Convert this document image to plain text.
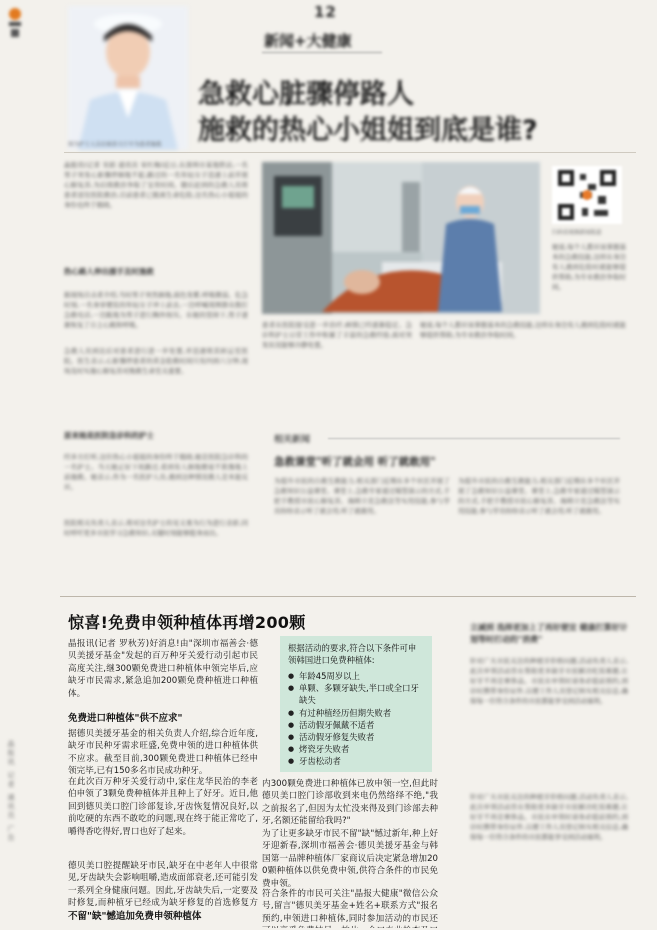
12
新闻+大健康
图为护士人员在候诊大厅中为患者施救
急救心脏骤停路人
施救的热心小姐姐到底是谁?
晶报讯(记者 吴娟 通讯员 宋红梅)近日,在深圳市某地铁站,一名男子突发心脏骤停倒地不起,路过的一名年轻女子迅速上前开展心肺复苏,为后续救治争取了宝贵时间。随后赶到的急救人员将患者送往医院救治,目前患者已脱离生命危险,这名热心小姐姐的身份也终于揭晓。
热心路人伸出援手及时施救
据现场目击者介绍,当时男子突然倒地,面色发紫,呼吸微弱。危急时刻,一名身穿便装的年轻女子冲上前去,一边呼喊周围群众拨打急救电话,一边跪地为男子进行胸外按压。在她的坚持下,男子逐渐恢复了自主心跳和呼吸。
急救人员到达后对患者进行进一步处置,并迅速将其转运至医院。医生表示,心脏骤停患者的黄金抢救时间只有四到六分钟,现场及时实施心肺复苏对挽救生命至关重要。
原来她是医院急诊科的护士
经多方打听,这位热心小姐姐的身份终于揭晓,她是医院急诊科的一名护士。当天她正好下班路过,看到有人倒地便毫不犹豫地上前施救。她表示,作为一名医护人员,遇到这种情况救人是本能反应。
医院相关负责人表示,将对这名护士的见义勇为行为进行表彰,同时呼吁更多市民学习急救知识,关键时刻能够挺身而出。
扫码看视频新闻报道
她说,每个人都应该掌握基本的急救技能,这样在身边有人遇到危险时就能够提供帮助,为专业救治争取时间。
患者在医院接受进一步治疗,病情已经逐渐稳定。急诊科护士日常工作中积累了丰富的急救经验,面对突发状况能够冷静处置。
她说,每个人都应该掌握基本的急救技能,这样在身边有人遇到危险时就能够提供帮助,为专业救治争取时间。
相关新闻
急救课堂"听了就会用 听了就敢用"
为提升市民的自救互救能力,相关部门近期在多个社区开展了急救知识公益课堂。课堂上,急救专家通过模型演示的方式,手把手教授市民心肺复苏、海姆立克急救法等实用技能,参与学员纷纷表示听了就会用,听了就敢用。
为提升市民的自救互救能力,相关部门近期在多个社区开展了急救知识公益课堂。课堂上,急救专家通过模型演示的方式,手把手教授市民心肺复苏、海姆立克急救法等实用技能,参与学员纷纷表示听了就会用,听了就敢用。
晶报讯 记者 通讯员 广告
惊喜!免费申领种植体再增200颗

晶报讯(记者 罗秋芳)好消息!由"深圳市福善会·德贝美援牙基金"发起的百万种牙关爱行动引起市民高度关注,继300颗免费进口种植体申领完毕后,应缺牙市民需求,紧急追加200颗免费种植进口种植体。

免费进口种植体"供不应求"

据德贝美援牙基金的相关负责人介绍,综合近年度,缺牙市民种牙需求旺盛,免费申领的进口种植体供不应求。截至目前,300颗免费进口种植体已经申领完毕,已有150多名市民成功种牙。

在此次百万种牙关爱行动中,家住龙华民治的李老伯申领了3颗免费种植体并且种上了好牙。近日,他回到德贝美口腔门诊部复诊,牙齿恢复情况良好,以前吃硬的东西不敢吃的问题,现在终于能正常吃了,嚼得香吃得好,胃口也好了起来。

德贝美口腔提醒缺牙市民,缺牙在中老年人中很常见,牙齿缺失会影响咀嚼,造成面部衰老,还可能引发一系列全身健康问题。因此,牙齿缺失后,一定要及时修复,而种植牙已经成为缺牙修复的首选修复方

不留"缺"憾追加免费申领种植体
根据活动的要求,符合以下条件可申领韩国进口免费种植体:
● 年龄45周岁以上
● 单颗、多颗牙缺失,半口或全口牙缺失
● 有过种植经历但期失败者
● 活动假牙佩戴不适者
● 活动假牙修复失败者
● 烤瓷牙失败者
● 牙齿松动者

内300颗免费进口种植体已放申领一空,但此时德贝美口腔门诊部收到来电仍然络绎不绝,"我之前报名了,但因为太忙没来得及到门诊部去种牙,名额还能留给我吗?"

为了让更多缺牙市民不留"缺"憾过新年,种上好牙迎新春,深圳市福善会·德贝美援牙基金与韩国第一品牌种植体厂家商议后决定紧急增加200颗种植体以供免费申领,供符合条件的市民免费申领。

符合条件的市民可关注"晶报大健康"微信公众号,留言"德贝美牙基金+姓名+联系方式"报名预约,申领进口种植体,同时参加活动的市民还

立减到 选择更加上了再好便宜 健康打算好计划等时打动的"消费"
针对广大市民关注的种植牙价格问题,活动负责人表示,此次申领活动旨在帮助更多缺牙市民解决吃饭难题,让好牙不再是奢侈品。市民在申领时请务必提前预约,到诊时携带身份证件,以便工作人员登记核实相关信息,确保每一位符合条件的市民都能享受到活动福利。
针对广大市民关注的种植牙价格问题,活动负责人表示,此次申领活动旨在帮助更多缺牙市民解决吃饭难题,让好牙不再是奢侈品。市民在申领时请务必提前预约,到诊时携带身份证件,以便工作人员登记核实相关信息,确保每一位符合条件的市民都能享受到活动福利。
